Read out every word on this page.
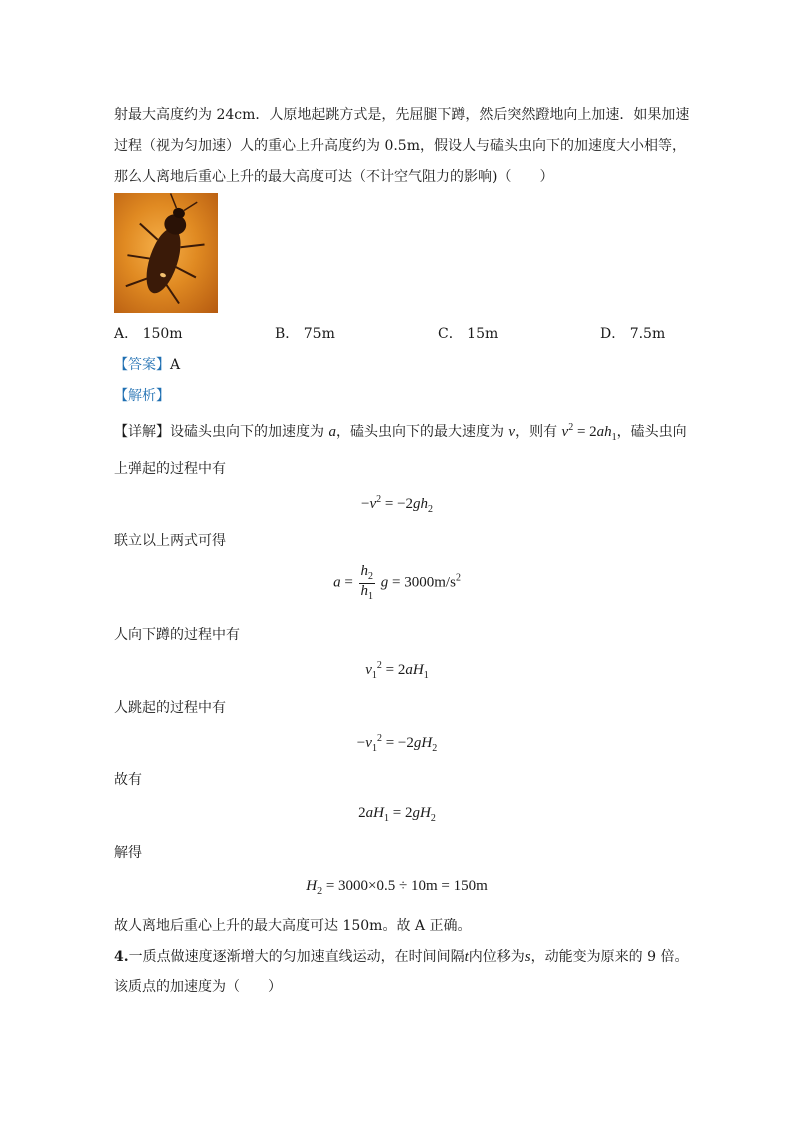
射最大高度约为 24cm．人原地起跳方式是，先屈腿下蹲，然后突然蹬地向上加速．如果加速
过程（视为匀加速）人的重心上升高度约为 0.5m，假设人与磕头虫向下的加速度大小相等，
那么人离地后重心上升的最大高度可达（不计空气阻力的影响)（　　）
A． 150m	B． 75m	C． 15m	D． 7.5m
【答案】A
【解析】
【详解】设磕头虫向下的加速度为 a，磕头虫向下的最大速度为 v，则有 $v^2 = 2ah_1$，磕头虫向
上弹起的过程中有
$-v^2 = -2gh_2$
联立以上两式可得
$a = \frac{h_2}{h_1}$ $g = 3000m/s^2$
人向下蹲的过程中有
$v_1^2 = 2aH_1$
人跳起的过程中有
$-v_1^2 = -2gH_2$
故有
$2aH_1 = 2gH_2$
解得
$H_2 = 3000\times 0.5 \div 10m = 150m$
故人离地后重心上升的最大高度可达 150m。故 A 正确。
4.一质点做速度逐渐增大的匀加速直线运动，在时间间隔t内位移为s，动能变为原来的 9 倍。
该质点的加速度为（　　）
